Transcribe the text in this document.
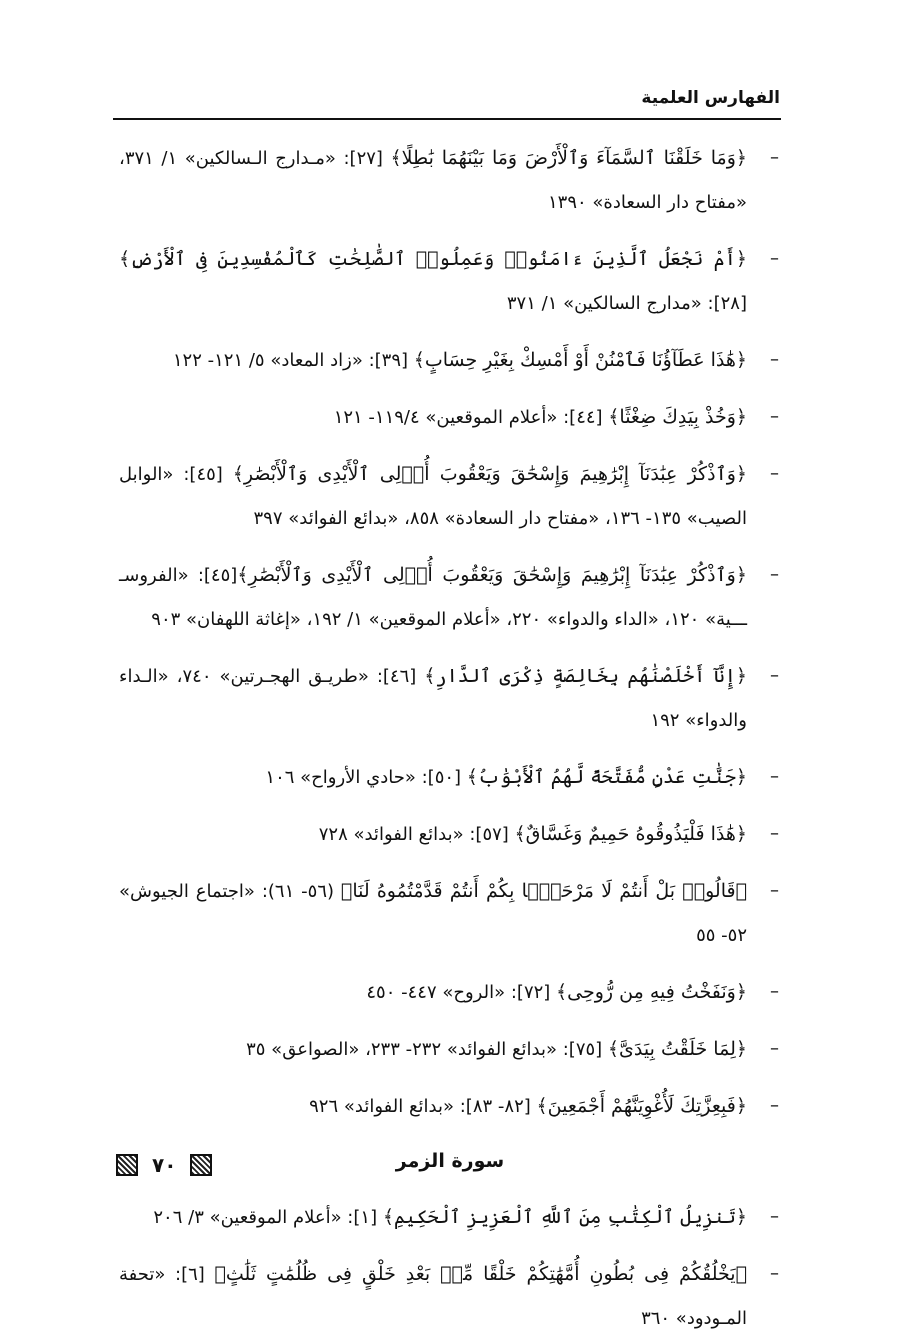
الفهارس العلمية
–
﴿وَمَا خَلَقْنَا ٱلسَّمَآءَ وَٱلْأَرْضَ وَمَا بَيْنَهُمَا بَٰطِلًا﴾ [٢٧]: «مـدارج الـسالكين» ١/ ٣٧١، «مفتاح دار السعادة» ١٣٩٠
–
﴿أَمْ نَجْعَلُ ٱلَّذِينَ ءَامَنُوا۟ وَعَمِلُوا۟ ٱلصَّٰلِحَٰتِ كَٱلْمُفْسِدِينَ فِى ٱلْأَرْضِ﴾ [٢٨]: «مدارج السالكين» ١/ ٣٧١
–
﴿هَٰذَا عَطَآؤُنَا فَٱمْنُنْ أَوْ أَمْسِكْ بِغَيْرِ حِسَابٍ﴾ [٣٩]: «زاد المعاد» ٥/ ١٢١- ١٢٢
–
﴿وَخُذْ بِيَدِكَ ضِغْثًا﴾ [٤٤]: «أعلام الموقعين» ١١٩/٤- ١٢١
–
﴿وَٱذْكُرْ عِبَٰدَنَآ إِبْرَٰهِيمَ وَإِسْحَٰقَ وَيَعْقُوبَ أُو۟لِى ٱلْأَيْدِى وَٱلْأَبْصَٰرِ﴾ [٤٥]: «الوابل الصيب» ١٣٥- ١٣٦، «مفتاح دار السعادة» ٨٥٨، «بدائع الفوائد» ٣٩٧
–
﴿وَٱذْكُرْ عِبَٰدَنَآ إِبْرَٰهِيمَ وَإِسْحَٰقَ وَيَعْقُوبَ أُو۟لِى ٱلْأَيْدِى وَٱلْأَبْصَٰرِ﴾[٤٥]: «الفروسـ ـــية» ١٢٠، «الداء والدواء» ٢٢٠، «أعلام الموقعين» ١/ ١٩٢، «إغاثة اللهفان» ٩٠٣
–
﴿إِنَّآ أَخْلَصْنَٰهُم بِخَالِصَةٍ ذِكْرَى ٱلدَّارِ﴾ [٤٦]: «طريـق الهجـرتين» ٧٤٠، «الـداء والدواء» ١٩٢
–
﴿جَنَّٰتِ عَدْنٍ مُّفَتَّحَةً لَّهُمُ ٱلْأَبْوَٰبُ﴾ [٥٠]: «حادي الأرواح» ١٠٦
–
﴿هَٰذَا فَلْيَذُوقُوهُ حَمِيمٌ وَغَسَّاقٌ﴾ [٥٧]: «بدائع الفوائد» ٧٢٨
–
﴿قَالُوا۟ بَلْ أَنتُمْ لَا مَرْحَبًۢا بِكُمْ أَنتُمْ قَدَّمْتُمُوهُ لَنَا﴾ (٥٦- ٦١): «اجتماع الجيوش» ٥٢- ٥٥
–
﴿وَنَفَخْتُ فِيهِ مِن رُّوحِى﴾ [٧٢]: «الروح» ٤٤٧- ٤٥٠
–
﴿لِمَا خَلَقْتُ بِيَدَىَّ﴾ [٧٥]: «بدائع الفوائد» ٢٣٢- ٢٣٣، «الصواعق» ٣٥
–
﴿فَبِعِزَّتِكَ لَأُغْوِيَنَّهُمْ أَجْمَعِينَ﴾ [٨٢- ٨٣]: «بدائع الفوائد» ٩٢٦
سورة الزمر
–
﴿تَنزِيلُ ٱلْكِتَٰبِ مِنَ ٱللَّهِ ٱلْعَزِيزِ ٱلْحَكِيمِ﴾ [١]: «أعلام الموقعين» ٣/ ٢٠٦
–
﴿يَخْلُقُكُمْ فِى بُطُونِ أُمَّهَٰتِكُمْ خَلْقًا مِّنۢ بَعْدِ خَلْقٍ فِى ظُلُمَٰتٍ ثَلَٰثٍ﴾ [٦]: «تحفة المـودود» ٣٦٠
٧٠
